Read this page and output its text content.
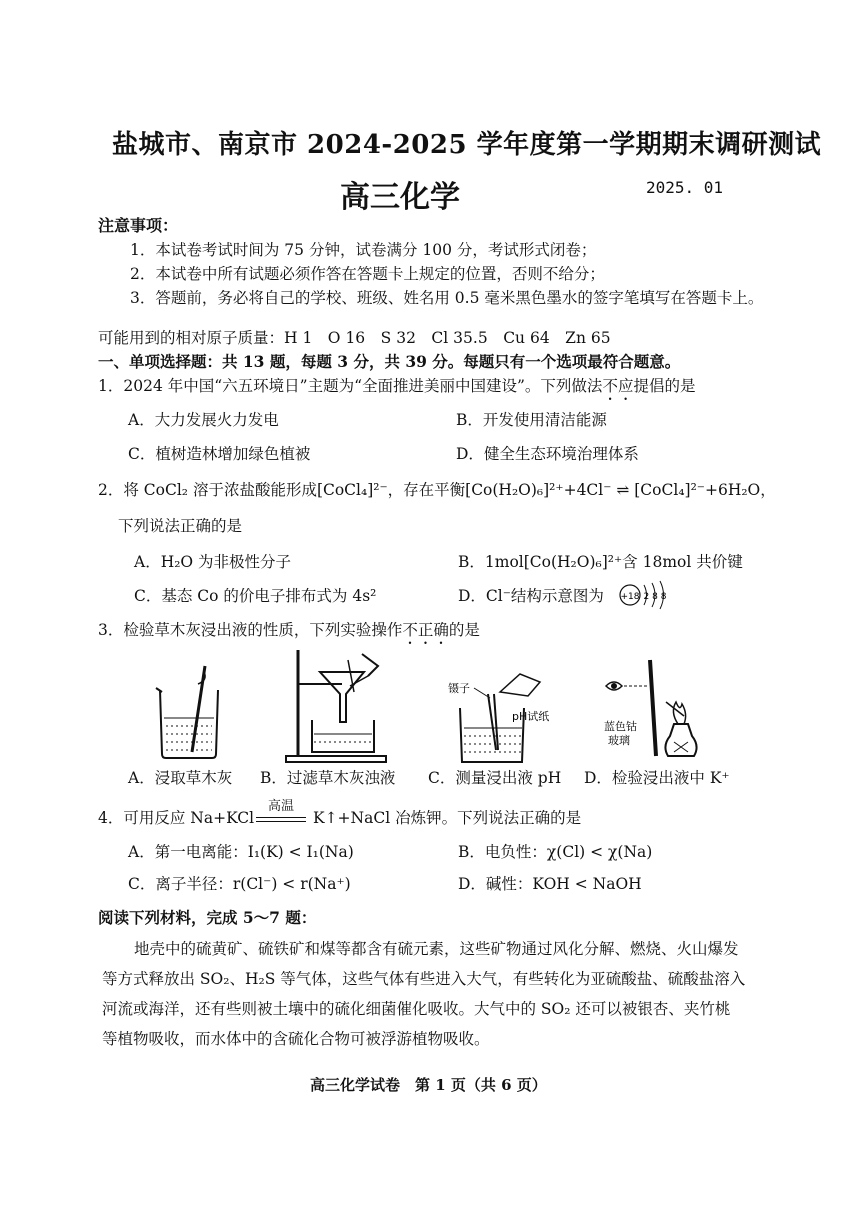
盐城市、南京市 2024-2025 学年度第一学期期末调研测试
高三化学	2025. 01
注意事项：
1．本试卷考试时间为 75 分钟，试卷满分 100 分，考试形式闭卷；
2．本试卷中所有试题必须作答在答题卡上规定的位置，否则不给分；
3．答题前，务必将自己的学校、班级、姓名用 0.5 毫米黑色墨水的签字笔填写在答题卡上。
可能用到的相对原子质量：H 1　O 16　S 32　Cl 35.5　Cu 64　Zn 65
一、单项选择题：共 13 题，每题 3 分，共 39 分。每题只有一个选项最符合题意。
1．2024 年中国“六五环境日”主题为“全面推进美丽中国建设”。下列做法不应提倡的是
A．大力发展火力发电	B．开发使用清洁能源
C．植树造林增加绿色植被	D．健全生态环境治理体系
2．将 CoCl₂ 溶于浓盐酸能形成[CoCl₄]²⁻，存在平衡[Co(H₂O)₆]²⁺+4Cl⁻ ⇌ [CoCl₄]²⁻+6H₂O，
下列说法正确的是
A．H₂O 为非极性分子	B．1mol[Co(H₂O)₆]²⁺含 18mol 共价键
C．基态 Co 的价电子排布式为 4s²	D．Cl⁻结构示意图为 +18 2 8 8
3．检验草木灰浸出液的性质，下列实验操作不正确的是
镊子
pH试纸
蓝色钴
玻璃
A．浸取草木灰 B．过滤草木灰浊液 C．测量浸出液 pH D．检验浸出液中 K⁺
4．可用反应 Na+KCl
高温
K↑+NaCl 冶炼钾。下列说法正确的是
A．第一电离能：I₁(K) < I₁(Na)	B．电负性：χ(Cl) < χ(Na)
C．离子半径：r(Cl⁻) < r(Na⁺)	D．碱性：KOH < NaOH
阅读下列材料，完成 5～7 题：
地壳中的硫黄矿、硫铁矿和煤等都含有硫元素，这些矿物通过风化分解、燃烧、火山爆发
等方式释放出 SO₂、H₂S 等气体，这些气体有些进入大气，有些转化为亚硫酸盐、硫酸盐溶入
河流或海洋，还有些则被土壤中的硫化细菌催化吸收。大气中的 SO₂ 还可以被银杏、夹竹桃
等植物吸收，而水体中的含硫化合物可被浮游植物吸收。
高三化学试卷　第 1 页（共 6 页）
